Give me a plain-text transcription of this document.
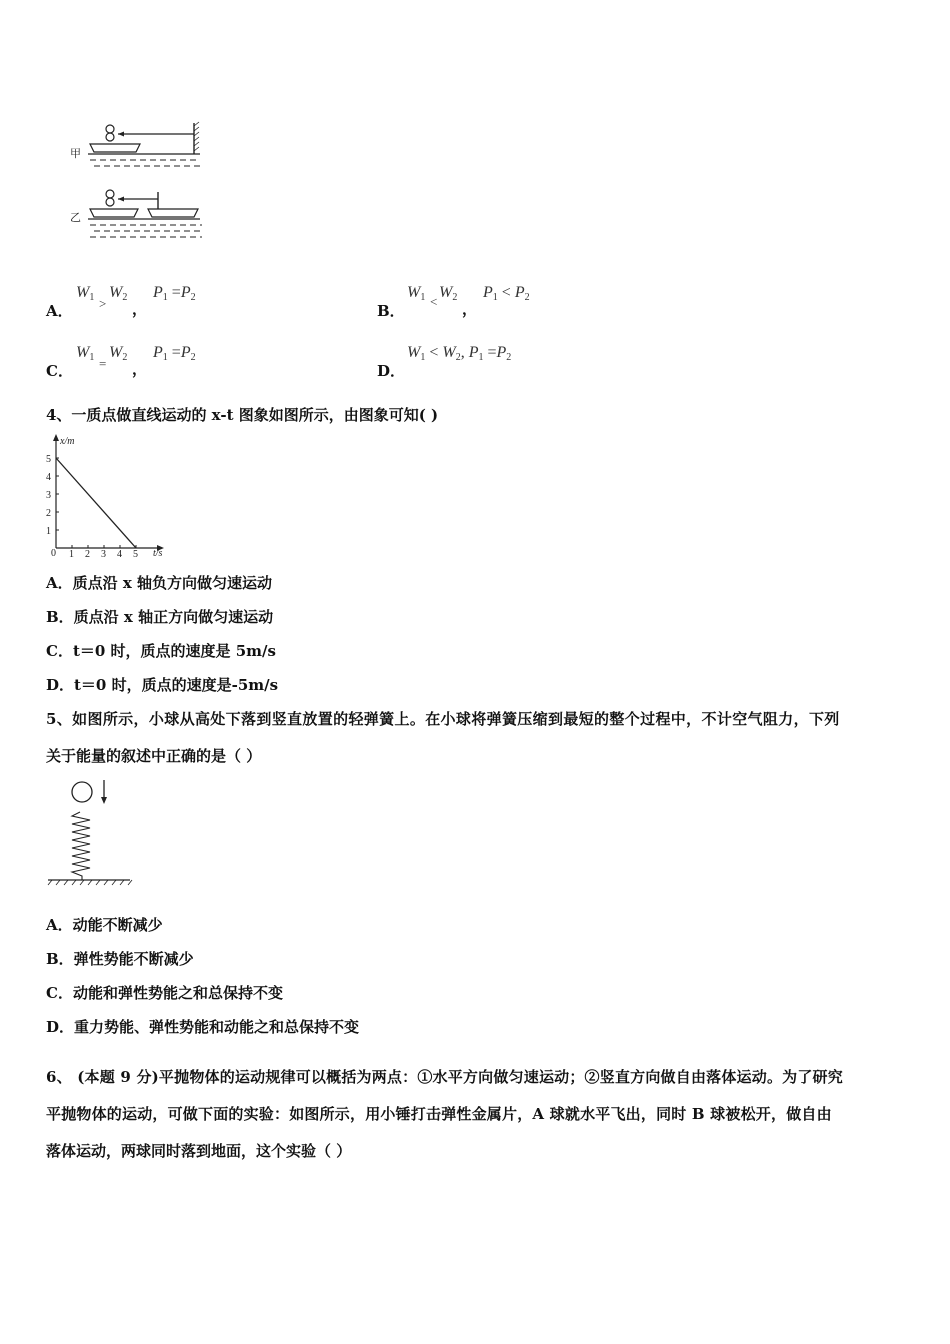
甲
乙
A．
$W_1$ >
$W_2$
，
$P_1 =P_2$
B．
$W_1$ <
$W_2$
，
$P_1 < P_2$
C．
$W_1$ =
$W_2$
，
$P_1 =P_2$
D．
$W_1 < W_2$, $P_1 =P_2$
4、一质点做直线运动的 x-t 图象如图所示，由图象可知( )
x/m
t/s
0
1
2
3
4
5
1 2 3 4 5
A．质点沿 x 轴负方向做匀速运动
B．质点沿 x 轴正方向做匀速运动
C．t＝0 时，质点的速度是 5m/s
D．t＝0 时，质点的速度是-5m/s
5、如图所示，小球从高处下落到竖直放置的轻弹簧上。在小球将弹簧压缩到最短的整个过程中，不计空气阻力，下列
关于能量的叙述中正确的是（ ）
A．动能不断减少
B．弹性势能不断减少
C．动能和弹性势能之和总保持不变
D．重力势能、弹性势能和动能之和总保持不变
6、 (本题 9 分)平抛物体的运动规律可以概括为两点：①水平方向做匀速运动；②竖直方向做自由落体运动。为了研究
平抛物体的运动，可做下面的实验：如图所示，用小锤打击弹性金属片，A 球就水平飞出，同时 B 球被松开，做自由
落体运动，两球同时落到地面，这个实验（ ）
